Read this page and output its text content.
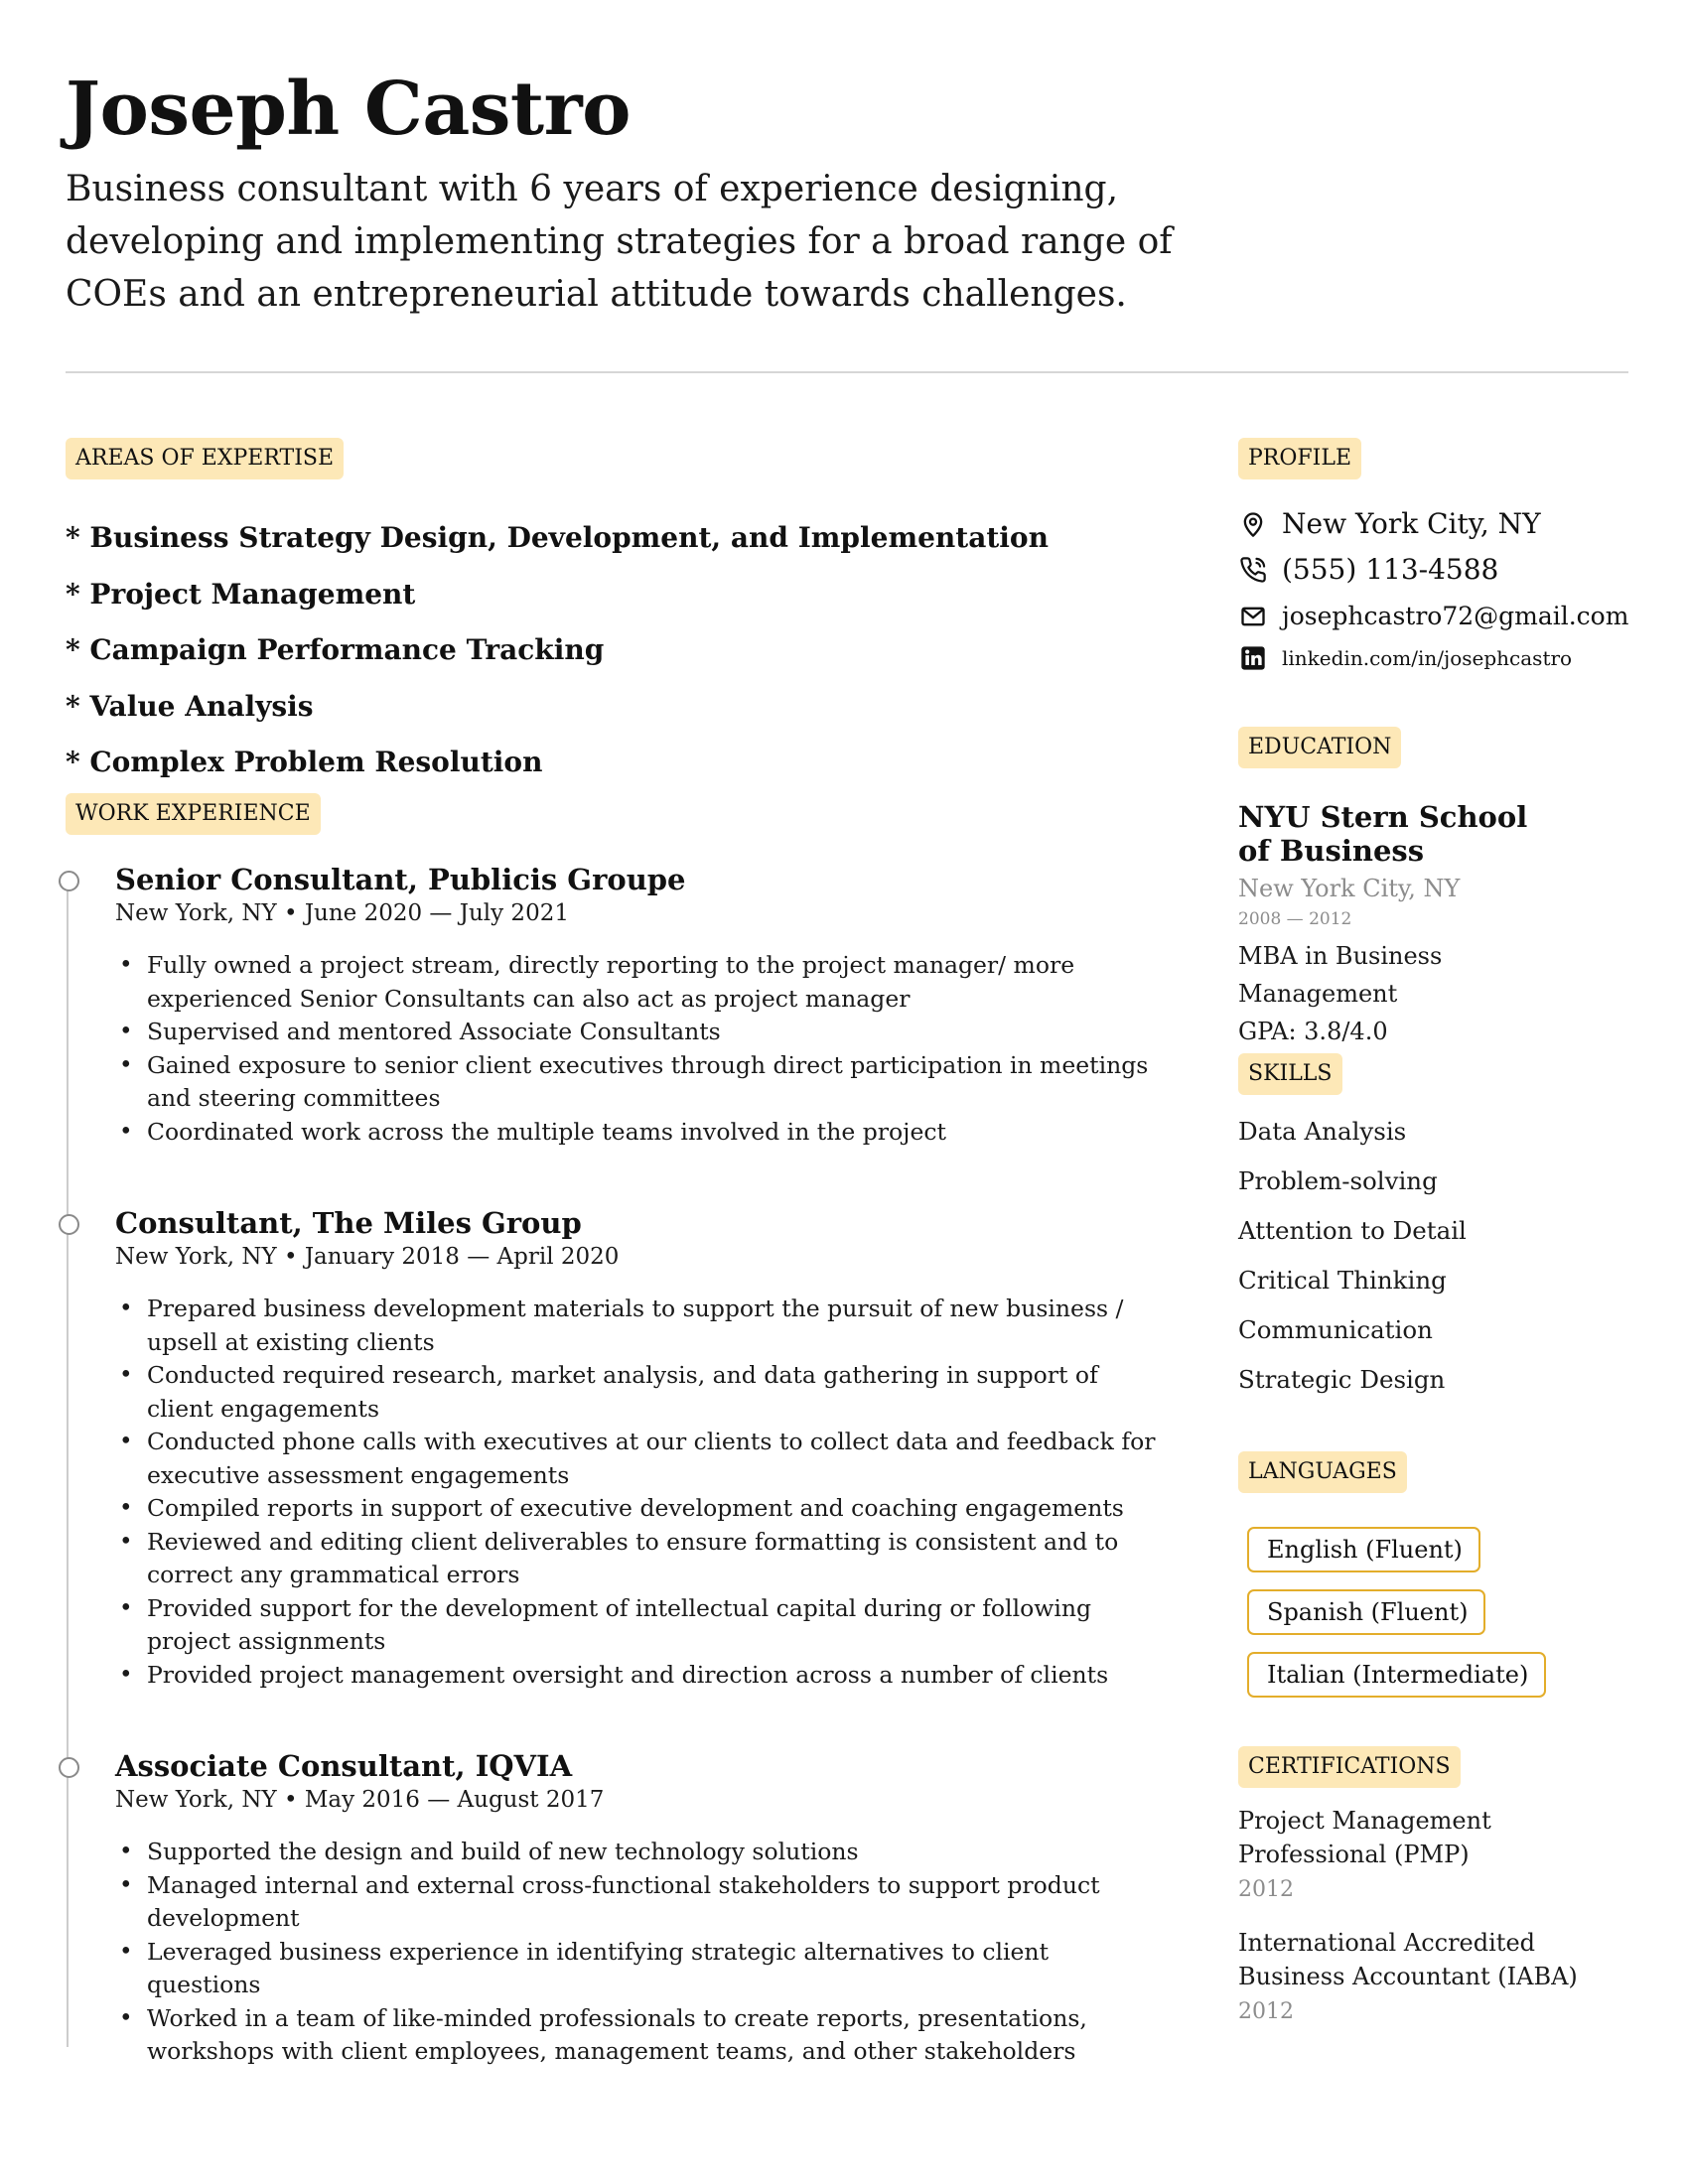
Joseph Castro

Business consultant with 6 years of experience designing, developing and implementing strategies for a broad range of COEs and an entrepreneurial attitude towards challenges.

AREAS OF EXPERTISE
* Business Strategy Design, Development, and Implementation
* Project Management
* Campaign Performance Tracking
* Value Analysis
* Complex Problem Resolution
WORK EXPERIENCE
Senior Consultant, Publicis Groupe
New York, NY • June 2020 — July 2021
• Fully owned a project stream, directly reporting to the project manager/ more experienced Senior Consultants can also act as project manager
• Supervised and mentored Associate Consultants
• Gained exposure to senior client executives through direct participation in meetings and steering committees
• Coordinated work across the multiple teams involved in the project
Consultant, The Miles Group
New York, NY • January 2018 — April 2020
• Prepared business development materials to support the pursuit of new business / upsell at existing clients
• Conducted required research, market analysis, and data gathering in support of client engagements
• Conducted phone calls with executives at our clients to collect data and feedback for executive assessment engagements
• Compiled reports in support of executive development and coaching engagements
• Reviewed and editing client deliverables to ensure formatting is consistent and to correct any grammatical errors
• Provided support for the development of intellectual capital during or following project assignments
• Provided project management oversight and direction across a number of clients
Associate Consultant, IQVIA
New York, NY • May 2016 — August 2017
• Supported the design and build of new technology solutions
• Managed internal and external cross-functional stakeholders to support product development
• Leveraged business experience in identifying strategic alternatives to client questions
• Worked in a team of like-minded professionals to create reports, presentations, workshops with client employees, management teams, and other stakeholders
PROFILE
New York City, NY
(555) 113-4588
josephcastro72@gmail.com
linkedin.com/in/josephcastro
EDUCATION
NYU Stern School of Business
New York City, NY
2008 — 2012
MBA in Business Management
GPA: 3.8/4.0
SKILLS
Data Analysis
Problem-solving
Attention to Detail
Critical Thinking
Communication
Strategic Design
LANGUAGES
English (Fluent)
Spanish (Fluent)
Italian (Intermediate)
CERTIFICATIONS
Project Management Professional (PMP)
2012
International Accredited Business Accountant (IABA)
2012
